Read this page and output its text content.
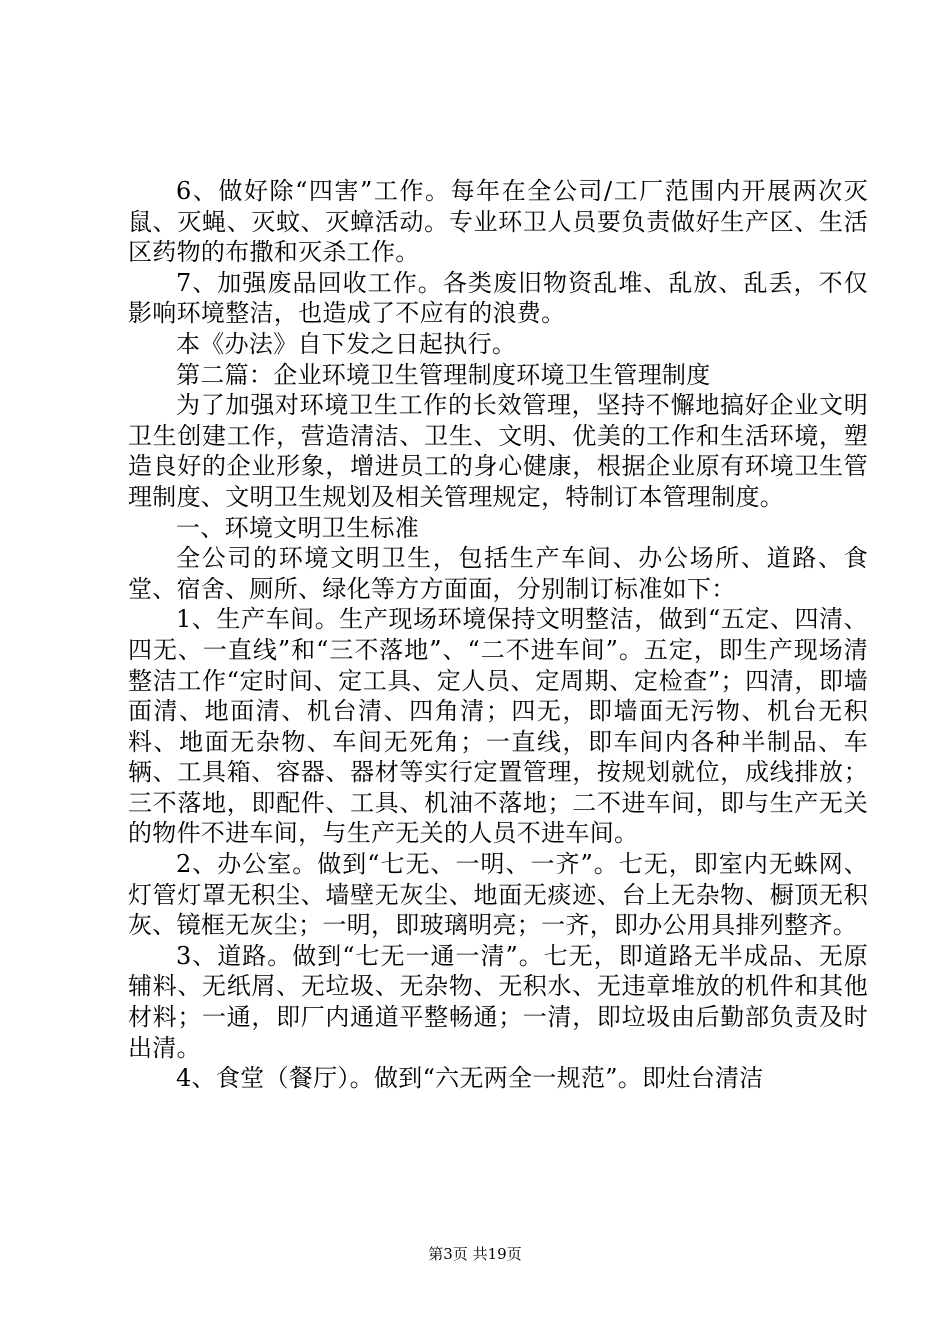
6、做好除“四害”工作。每年在全公司/工厂范围内开展两次灭鼠、灭蝇、灭蚊、灭蟑活动。专业环卫人员要负责做好生产区、生活区药物的布撒和灭杀工作。

7、加强废品回收工作。各类废旧物资乱堆、乱放、乱丢，不仅影响环境整洁，也造成了不应有的浪费。

本《办法》自下发之日起执行。

第二篇：企业环境卫生管理制度环境卫生管理制度

为了加强对环境卫生工作的长效管理，坚持不懈地搞好企业文明卫生创建工作，营造清洁、卫生、文明、优美的工作和生活环境，塑造良好的企业形象，增进员工的身心健康，根据企业原有环境卫生管理制度、文明卫生规划及相关管理规定，特制订本管理制度。

一、环境文明卫生标准

全公司的环境文明卫生，包括生产车间、办公场所、道路、食堂、宿舍、厕所、绿化等方方面面，分别制订标准如下：

1、生产车间。生产现场环境保持文明整洁，做到“五定、四清、四无、一直线”和“三不落地”、“二不进车间”。五定，即生产现场清整洁工作“定时间、定工具、定人员、定周期、定检查”；四清，即墙面清、地面清、机台清、四角清；四无，即墙面无污物、机台无积料、地面无杂物、车间无死角；一直线，即车间内各种半制品、车辆、工具箱、容器、器材等实行定置管理，按规划就位，成线排放；三不落地，即配件、工具、机油不落地；二不进车间，即与生产无关的物件不进车间，与生产无关的人员不进车间。

2、办公室。做到“七无、一明、一齐”。七无，即室内无蛛网、灯管灯罩无积尘、墙壁无灰尘、地面无痰迹、台上无杂物、橱顶无积灰、镜框无灰尘；一明，即玻璃明亮；一齐，即办公用具排列整齐。

3、道路。做到“七无一通一清”。七无，即道路无半成品、无原辅料、无纸屑、无垃圾、无杂物、无积水、无违章堆放的机件和其他材料；一通，即厂内通道平整畅通；一清，即垃圾由后勤部负责及时出清。

4、食堂（餐厅）。做到“六无两全一规范”。即灶台清洁

第3页 共19页
